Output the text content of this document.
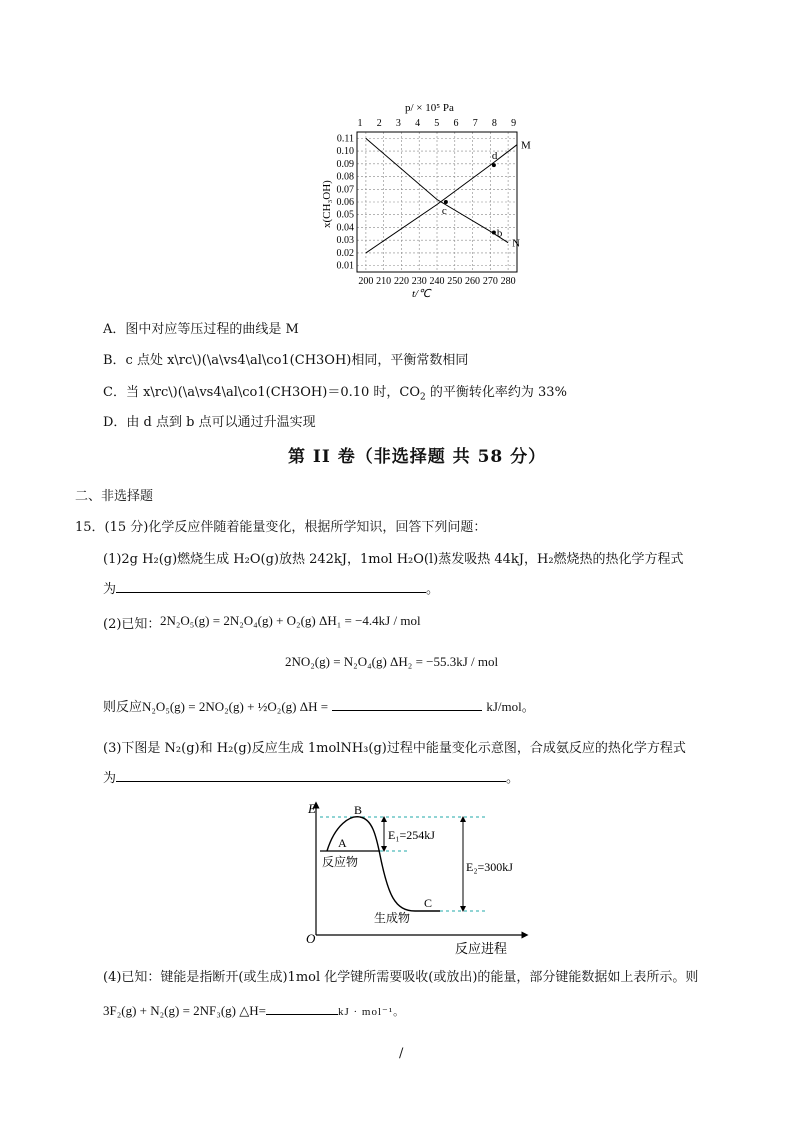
p/ × 10⁵ Pa
1 2 3 4 5 6 7 8 9
0.11
0.10
0.09
0.08
0.07
0.06
0.05
0.04
0.03
0.02
0.01
200 210 220 230 240 250 260 270 280
x(CH₃OH)
t/℃
M
N
c
d
b
A．图中对应等压过程的曲线是 M
B．c 点处 x\rc\)(\a\vs4\al\co1(CH3OH)相同，平衡常数相同
C．当 x\rc\)(\a\vs4\al\co1(CH3OH)＝0.10 时，$CO_2$ 的平衡转化率约为 33%
D．由 d 点到 b 点可以通过升温实现
第 II 卷（非选择题 共 58 分）
二、非选择题
15．(15 分)化学反应伴随着能量变化，根据所学知识，回答下列问题：
(1)2g H₂(g)燃烧生成 H₂O(g)放热 242kJ，1mol H₂O(l)蒸发吸热 44kJ，H₂燃烧热的热化学方程式
为	。
(2)已知： 2N₂O₅(g) = 2N₂O₄(g) + O₂(g) ΔH₁ = −4.4kJ / mol
2NO₂(g) = N₂O₄(g) ΔH₂ = −55.3kJ / mol
则反应N₂O₅(g) = 2NO₂(g) + ½O₂(g) ΔH =	kJ/mol。
(3)下图是 N₂(g)和 H₂(g)反应生成 1molNH₃(g)过程中能量变化示意图，合成氨反应的热化学方程式
为	。
E
O
反应进程
A
B
C
反应物
生成物
E₁=254kJ
E₂=300kJ
(4)已知：键能是指断开(或生成)1mol 化学键所需要吸收(或放出)的能量，部分键能数据如上表所示。则
3F₂(g) + N₂(g) = 2NF₃(g) △H=	kJ · mol⁻¹。
/
